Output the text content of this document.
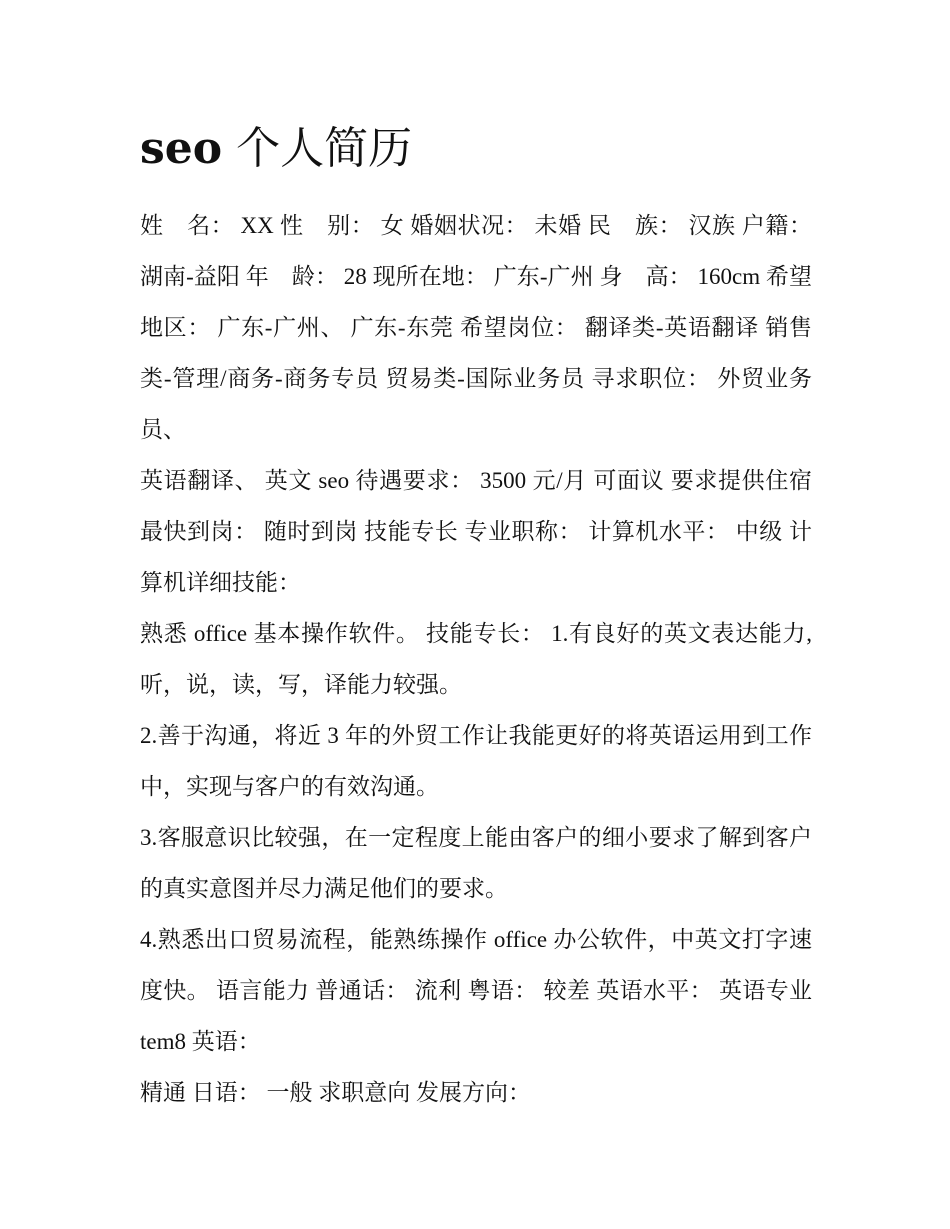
seo 个人简历

姓　名： XX 性　别： 女 婚姻状况： 未婚 民　族： 汉族 户籍： 湖南-益阳 年　龄： 28 现所在地： 广东-广州 身　高： 160cm 希望地区： 广东-广州、 广东-东莞 希望岗位： 翻译类-英语翻译 销售类-管理/商务-商务专员 贸易类-国际业务员 寻求职位： 外贸业务员、

英语翻译、 英文 seo 待遇要求： 3500 元/月 可面议 要求提供住宿 最快到岗： 随时到岗 技能专长 专业职称： 计算机水平： 中级 计算机详细技能：

熟悉 office 基本操作软件。 技能专长： 1.有良好的英文表达能力, 听，说，读，写，译能力较强。

2.善于沟通，将近 3 年的外贸工作让我能更好的将英语运用到工作中，实现与客户的有效沟通。

3.客服意识比较强，在一定程度上能由客户的细小要求了解到客户的真实意图并尽力满足他们的要求。

4.熟悉出口贸易流程，能熟练操作 office 办公软件，中英文打字速度快。 语言能力 普通话： 流利 粤语： 较差 英语水平： 英语专业 tem8 英语：

精通 日语： 一般 求职意向 发展方向：
